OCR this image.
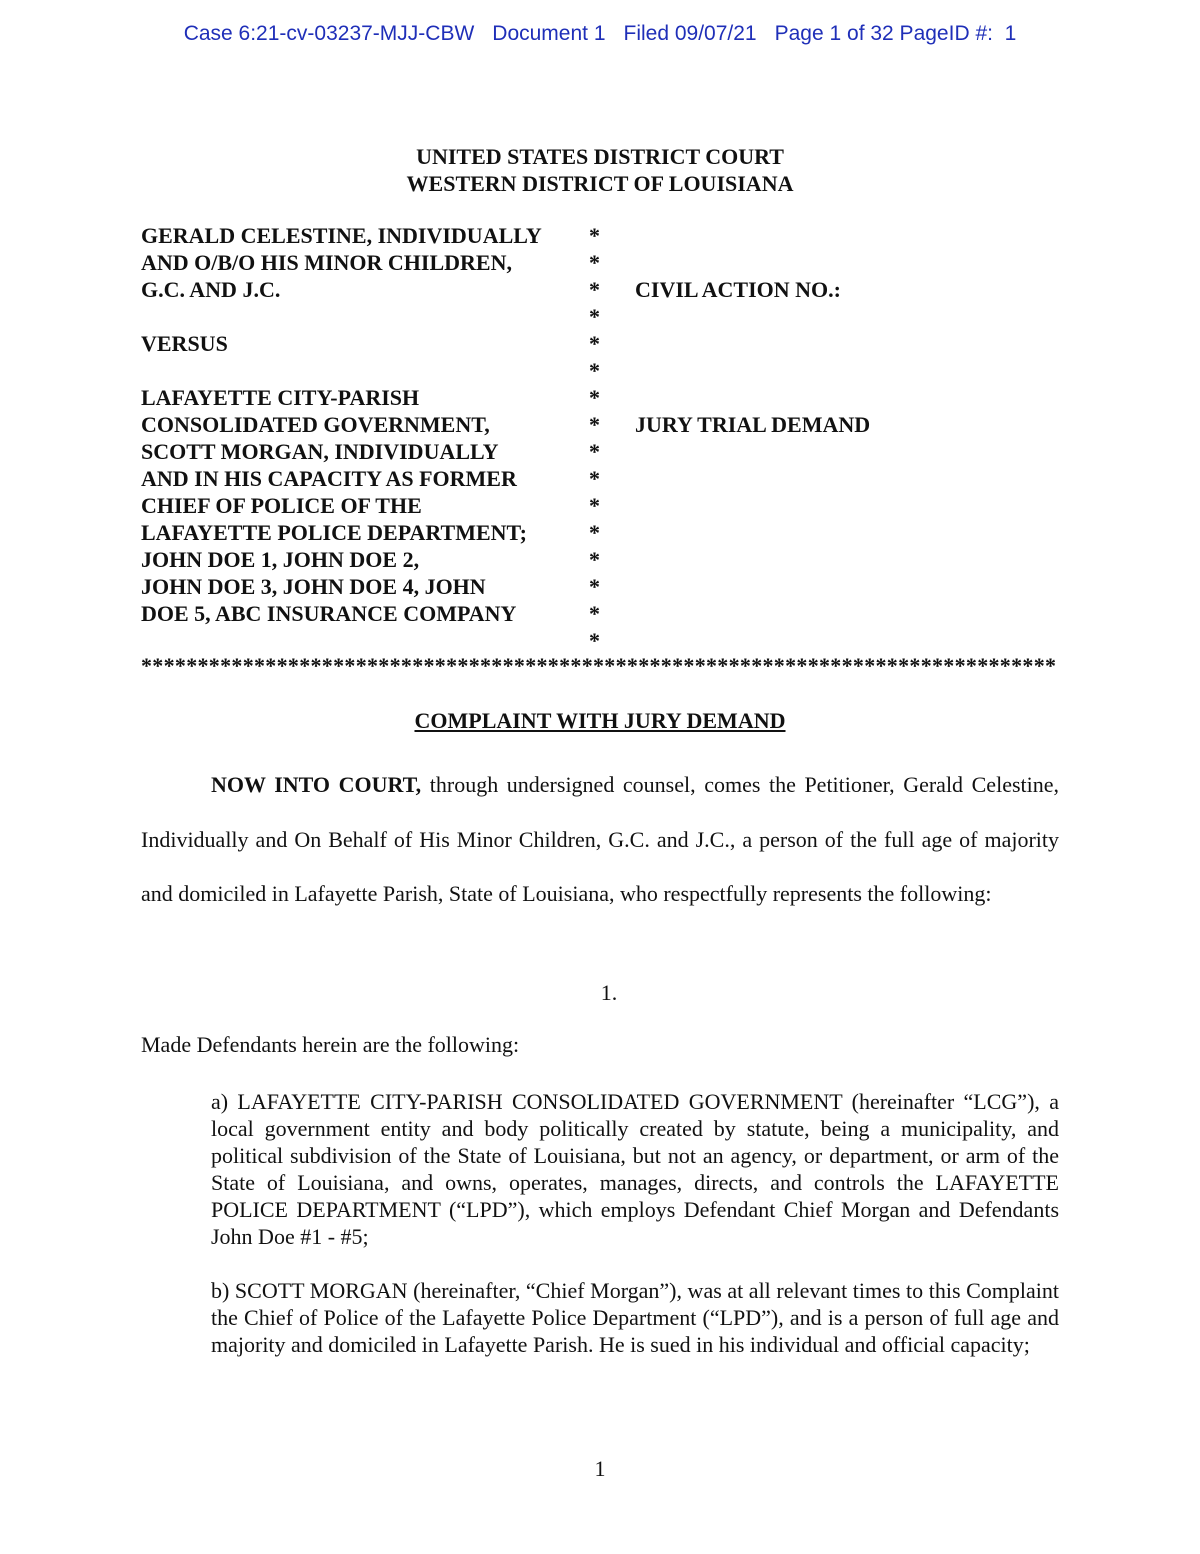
Case 6:21-cv-03237-MJJ-CBW Document 1 Filed 09/07/21 Page 1 of 32 PageID #:  1
UNITED STATES DISTRICT COURT
WESTERN DISTRICT OF LOUISIANA
GERALD CELESTINE, INDIVIDUALLY *
AND O/B/O HIS MINOR CHILDREN,	*
G.C. AND J.C.	* CIVIL ACTION NO.:
*
VERSUS	*
*
LAFAYETTE CITY-PARISH	*
CONSOLIDATED GOVERNMENT,	* JURY TRIAL DEMAND
SCOTT MORGAN, INDIVIDUALLY	*
AND IN HIS CAPACITY AS FORMER	*
CHIEF OF POLICE OF THE	*
LAFAYETTE POLICE DEPARTMENT;	*
JOHN DOE 1, JOHN DOE 2,	*
JOHN DOE 3, JOHN DOE 4, JOHN	*
DOE 5, ABC INSURANCE COMPANY	*
*
*********************************************************************************
COMPLAINT WITH JURY DEMAND
NOW INTO COURT, through undersigned counsel, comes the Petitioner, Gerald Celestine, Individually and On Behalf of His Minor Children, G.C. and J.C., a person of the full age of majority and domiciled in Lafayette Parish, State of Louisiana, who respectfully represents the following:
1.
Made Defendants herein are the following:
a) LAFAYETTE CITY-PARISH CONSOLIDATED GOVERNMENT (hereinafter “LCG”), a local government entity and body politically created by statute, being a municipality, and political subdivision of the State of Louisiana, but not an agency, or department, or arm of the State of Louisiana, and owns, operates, manages, directs, and controls the LAFAYETTE POLICE DEPARTMENT (“LPD”), which employs Defendant Chief Morgan and Defendants John Doe #1 - #5;
b) SCOTT MORGAN (hereinafter, “Chief Morgan”), was at all relevant times to this Complaint the Chief of Police of the Lafayette Police Department (“LPD”), and is a person of full age and majority and domiciled in Lafayette Parish. He is sued in his individual and official capacity;
1
